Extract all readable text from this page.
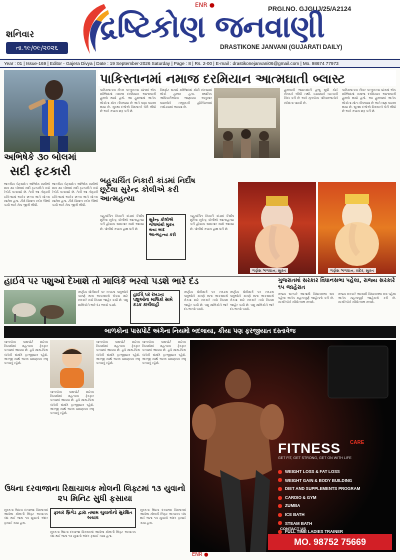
ENR ●
PRGI.NO. GJGUJ/25/A2124
શનિવાર
તા.૧૯/૦૯/૨૦૨૬
દ્રષ્ટિકોણ જનવાણી
DRASTIKONE JANVANI (GUJARATI DAILY)
Year : 01 | Issue-169 | Editor - Gajera Divya | Date : 19 September-2026 Saturday | Page : 8 | Rs. 2-00 | E-mail : drastikonejanvani06@gmail.com | Mo. 98674 77973
પાકિસ્તાનમાં નમાજ દરમિયાન આત્મઘાતી બ્લાસ્ટ
પાકિસ્તાનના ખૈબર પખ્તુનખ્વા પ્રાંતમાં એક મસ્જિદમાં નમાજ દરમિયાન આત્મઘાતી હુમલો થયો હતો. આ હુમલામાં અનેક લોકોના મોત નીપજ્યા છે અને ઘણા ઘાયલ થયા છે. સુરક્ષા દળોએ વિસ્તારને ઘેરી લીધો છે અને તપાસ શરૂ કરી છે.
વિસ્ફોટ સમયે મસ્જિદમાં મોટી સંખ્યામાં લોકો હાજર હતા. સ્થાનિક અધિકારીઓના જણાવ્યા અનુસાર ઘાયલોને નજીકની હોસ્પિટલમાં ખસેડવામાં આવ્યા છે.
હુમલાની જવાબદારી હજુ સુધી કોઈ સંગઠને લીધી નથી. વડાપ્રધાને ઘટનાની નિંદા કરી છે અને મૃતકોના પરિવારજનોને સંવેદના પાઠવી છે.
પાકિસ્તાનના ખૈબર પખ્તુનખ્વા પ્રાંતમાં એક મસ્જિદમાં નમાજ દરમિયાન આત્મઘાતી હુમલો થયો હતો. આ હુમલામાં અનેક લોકોના મોત નીપજ્યા છે અને ઘણા ઘાયલ થયા છે. સુરક્ષા દળોએ વિસ્તારને ઘેરી લીધો છે અને તપાસ શરૂ કરી છે.
અભિષેકે ૩૦ બોલમાં
સદી ફટકારી
ભારતીય બેટ્સમેન અભિષેક શર્માએ માત્ર ૩૦ બોલમાં સદી ફટકારીને નવો રેકોર્ડ બનાવ્યો છે. તેની આ તોફાની ઇનિંગ્સમાં અનેક છગ્ગા અને ચોગ્ગા સામેલ હતા. ટીમે વિશાળ સ્કોર ઊભો કર્યો અને મેચ જીતી લીધી.
ભારતીય બેટ્સમેન અભિષેક શર્માએ માત્ર ૩૦ બોલમાં સદી ફટકારીને નવો રેકોર્ડ બનાવ્યો છે. તેની આ તોફાની ઇનિંગ્સમાં અનેક છગ્ગા અને ચોગ્ગા સામેલ હતા. ટીમે વિશાળ સ્કોર ઊભો કર્યો અને મેચ જીતી લીધી.
બહુચર્ચિત નિકારી કાંડમાં નિર્દોષ છૂટેલા સુરેન્દ્ર કોલીએ કરી આત્મહત્યા
બહુચર્ચિત નિઠારી કાંડમાં નિર્દોષ છૂટેલા સુરેન્દ્ર કોલીએ આત્મહત્યા કરી હોવાના સમાચાર સામે આવ્યા છે. પોલીસે તપાસ હાથ ધરી છે.
સુરેન્દ્ર કોલીએ જેલમાંથી મુક્ત થયા બાદ આત્મહત્યા કરી
બહુચર્ચિત નિઠારી કાંડમાં નિર્દોષ છૂટેલા સુરેન્દ્ર કોલીએ આત્મહત્યા કરી હોવાના સમાચાર સામે આવ્યા છે. પોલીસે તપાસ હાથ ધરી છે.
ગણેશ ભગવાન, સુરત	ગણેશ ભગવાન, રાંદેર, સુરત
હાઈવે પર પશુઓ દેખાશે તો માલિકે ભરવો પડશે ભારે દંડ
રાષ્ટ્રીય ધોરીમાર્ગ પર રખડતા પશુઓને કારણે થતા અકસ્માતો રોકવા માટે સરકારે નવો નિયમ જાહેર કર્યો છે. પશુ માલિકોને ભારે દંડ ભરવો પડશે.
હાઈવે પર રખડતા પશુઓના માલિકો સામે કડક કાર્યવાહી
રાષ્ટ્રીય ધોરીમાર્ગ પર રખડતા પશુઓને કારણે થતા અકસ્માતો રોકવા માટે સરકારે નવો નિયમ જાહેર કર્યો છે. પશુ માલિકોને ભારે દંડ ભરવો પડશે.
રાષ્ટ્રીય ધોરીમાર્ગ પર રખડતા પશુઓને કારણે થતા અકસ્માતો રોકવા માટે સરકારે નવો નિયમ જાહેર કર્યો છે. પશુ માલિકોને ભારે દંડ ભરવો પડશે.
ગુજરાતમાં સરકાર વિધાનસભા પહેલા, રાજ્ય સરકારે ૧૫ જાહેરાત
રાજ્ય સરકારે આગામી વિધાનસભા સત્ર પહેલા અનેક મહત્વપૂર્ણ જાહેરાતો કરી છે. નાગરિકોને સીધો લાભ મળશે.
રાજ્ય સરકારે આગામી વિધાનસભા સત્ર પહેલા અનેક મહત્વપૂર્ણ જાહેરાતો કરી છે. નાગરિકોને સીધો લાભ મળશે.
બાળકોના પાસપોર્ટ અંગેના નિયમો બદલાયા, કીયા પણ ફરજીયાત દસ્તાવેજ
બાળકોના પાસપોર્ટ માટેના નિયમોમાં મહત્વના ફેરફાર કરવામાં આવ્યા છે. હવે માતા-પિતા બંનેની સંમતિ ફરજીયાત રહેશે. અરજી સાથે જન્મ પ્રમાણપત્ર રજૂ કરવાનું રહેશે.
બાળકોના પાસપોર્ટ માટેના નિયમોમાં મહત્વના ફેરફાર કરવામાં આવ્યા છે. હવે માતા-પિતા બંનેની સંમતિ ફરજીયાત રહેશે. અરજી સાથે જન્મ પ્રમાણપત્ર રજૂ કરવાનું રહેશે.
બાળકોના પાસપોર્ટ માટેના નિયમોમાં મહત્વના ફેરફાર કરવામાં આવ્યા છે. હવે માતા-પિતા બંનેની સંમતિ ફરજીયાત રહેશે. અરજી સાથે જન્મ પ્રમાણપત્ર રજૂ કરવાનું રહેશે.
બાળકોના પાસપોર્ટ માટેના નિયમોમાં મહત્વના ફેરફાર કરવામાં આવ્યા છે. હવે માતા-પિતા બંનેની સંમતિ ફરજીયાત રહેશે. અરજી સાથે જન્મ પ્રમાણપત્ર રજૂ કરવાનું રહેશે.
ઉધના દરવાજાના રિક્ષાચાલક મોલની લિફ્ટમાં ૧૩ યુવાનો ૨૫ મિનિટ સુધી ફસાયા
સુરતના ઉધના દરવાજા વિસ્તારમાં આવેલા મોલની લિફ્ટ અચાનક બંધ થઈ જતા ૧૩ યુવાનો અંદર ફસાઈ ગયા હતા.
ફાયર બ્રિગેડ દ્વારા તમામ યુવાનોનો સુરક્ષિત બચાવ
સુરતના ઉધના દરવાજા વિસ્તારમાં આવેલા મોલની લિફ્ટ અચાનક બંધ થઈ જતા ૧૩ યુવાનો અંદર ફસાઈ ગયા હતા.
સુરતના ઉધના દરવાજા વિસ્તારમાં આવેલા મોલની લિફ્ટ અચાનક બંધ થઈ જતા ૧૩ યુવાનો અંદર ફસાઈ ગયા હતા.
FITNESS CARE
GET FIT, GET STRONG, GET ON WITH LIFE
WEIGHT LOSS & FAT LOSS
WEIGHT GAIN & BODY BUILDING
DIET AND SUPPLEMENTS PROGRAM
CARDIO & GYM
ZUMBA
ICE BATH
STEAM BATH
FULL TIME LADIES TRAINER
CONTACT US
MO. 98752 75669
ENR ●
